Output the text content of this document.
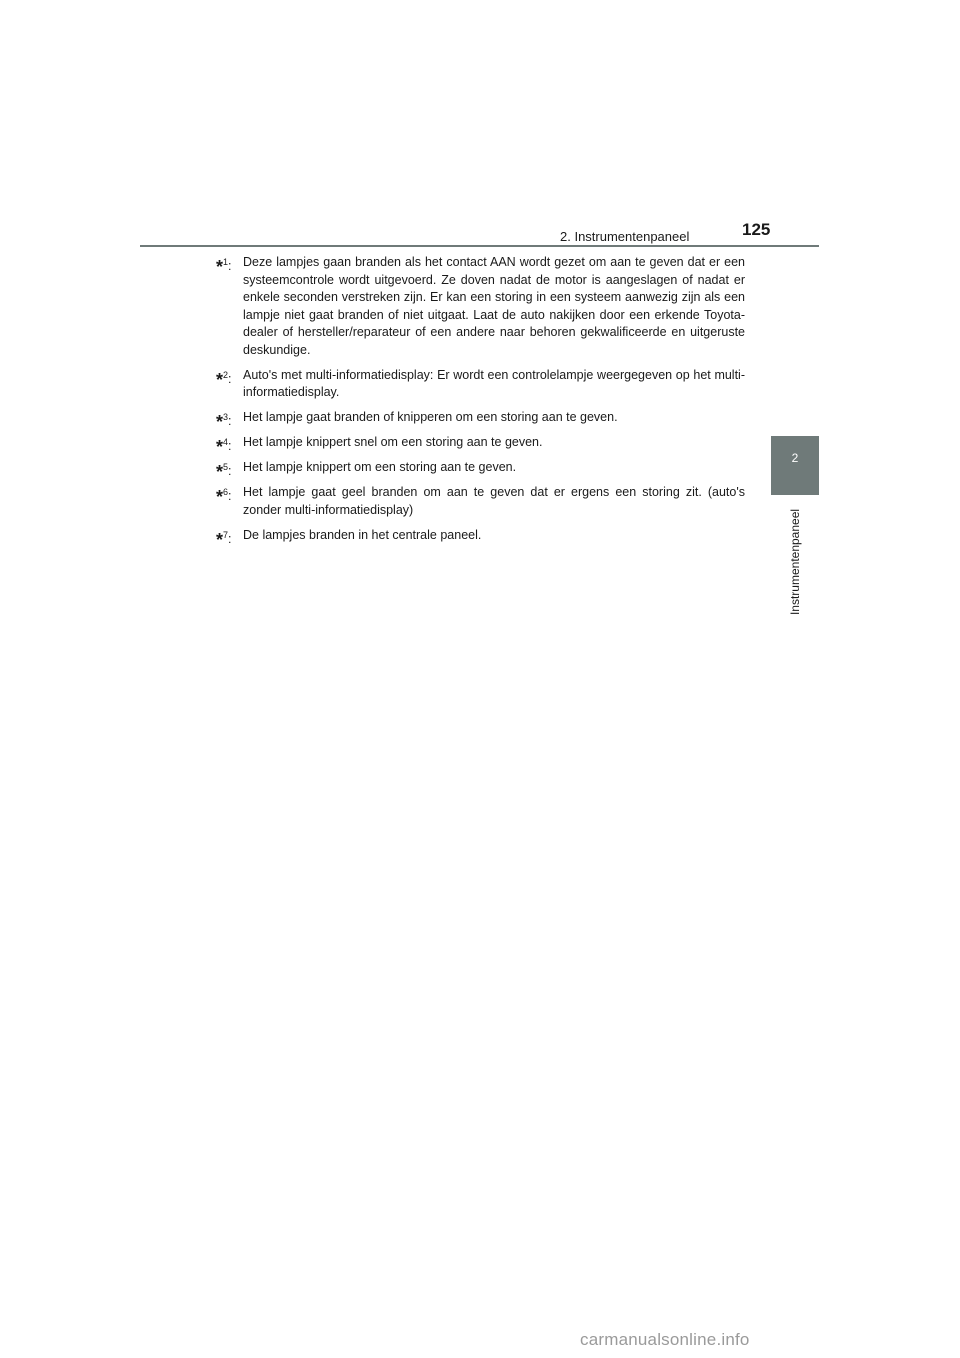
2. Instrumentenpaneel	125
2
Instrumentenpaneel
*$^1$: Deze lampjes gaan branden als het contact AAN wordt gezet om aan te geven dat er een systeemcontrole wordt uitgevoerd. Ze doven nadat de motor is aangeslagen of nadat er enkele seconden verstreken zijn. Er kan een storing in een systeem aanwezig zijn als een lampje niet gaat branden of niet uitgaat. Laat de auto nakijken door een erkende Toyota-dealer of hersteller/reparateur of een andere naar behoren gekwalificeerde en uitgeruste deskundige.
*$^2$: Auto's met multi-informatiedisplay: Er wordt een controlelampje weergegeven op het multi-informatiedisplay.
*$^3$: Het lampje gaat branden of knipperen om een storing aan te geven.
*$^4$: Het lampje knippert snel om een storing aan te geven.
*$^5$: Het lampje knippert om een storing aan te geven.
*$^6$: Het lampje gaat geel branden om aan te geven dat er ergens een storing zit. (auto's zonder multi-informatiedisplay)
*$^7$: De lampjes branden in het centrale paneel.
carmanualsonline.info
